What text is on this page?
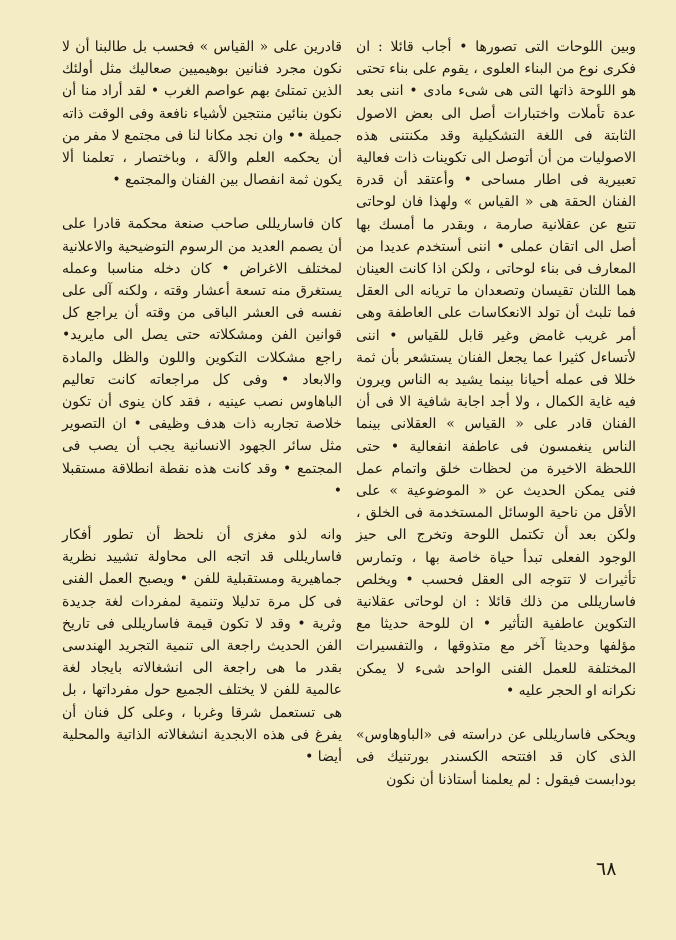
وبين اللوحات التى تصورها • أجاب قائلا : ان فكرى نوع من البناء العلوى ، يقوم على بناء تحتى هو اللوحة ذاتها التى هى شىء مادى • اننى بعد عدة تأملات واختبارات أصل الى بعض الاصول الثابتة فى اللغة التشكيلية وقد مكنتنى هذه الاصوليات من أن أتوصل الى تكوينات ذات فعالية تعبيرية فى اطار مساحى • وأعتقد أن قدرة الفنان الحقة هى « القياس » ولهذا فان لوحاتى تتبع عن عقلانية صارمة ، وبقدر ما أمسك بها أصل الى اتقان عملى • اننى أستخدم عديدا من المعارف فى بناء لوحاتى ، ولكن اذا كانت العينان هما اللتان تقيسان وتصعدان ما تريانه الى العقل فما تلبث أن تولد الانعكاسات على العاطفة وهى أمر غريب غامض وغير قابل للقياس • اننى لأتساءل كثيرا عما يجعل الفنان يستشعر بأن ثمة خللا فى عمله أحيانا بينما يشيد به الناس ويرون فيه غاية الكمال ، ولا أجد اجابة شافية الا فى أن الفنان قادر على « القياس » العقلانى بينما الناس ينغمسون فى عاطفة انفعالية • حتى اللحظة الاخيرة من لحظات خلق واتمام عمل فنى يمكن الحديث عن « الموضوعية » على الأقل من ناحية الوسائل المستخدمة فى الخلق ، ولكن بعد أن تكتمل اللوحة وتخرج الى حيز الوجود الفعلى تبدأ حياة خاصة بها ، وتمارس تأثيرات لا تتوجه الى العقل فحسب • ويخلص فاساريللى من ذلك قائلا : ان لوحاتى عقلانية التكوين عاطفية التأثير • ان للوحة حديثا مع مؤلفها وحديثا آخر مع متذوقها ، والتفسيرات المختلفة للعمل الفنى الواحد شىء لا يمكن نكرانه او الحجر عليه •

ويحكى فاساريللى عن دراسته فى «الباوهاوس» الذى كان قد افتتحه الكسندر بورتنيك فى بودابست فيقول : لم يعلمنا أستاذنا أن نكون

قادرين على « القياس » فحسب بل طالبنا أن لا نكون مجرد فنانين بوهيميين صعاليك مثل أولئك الذين تمتلئ بهم عواصم الغرب • لقد أراد منا أن نكون بنائين منتجين لأشياء نافعة وفى الوقت ذاته جميلة •• وان نجد مكانا لنا فى مجتمع لا مفر من أن يحكمه العلم والآلة ، وباختصار ، تعلمنا ألا يكون ثمة انفصال بين الفنان والمجتمع •

كان فاساريللى صاحب صنعة محكمة قادرا على أن يصمم العديد من الرسوم التوضيحية والاعلانية لمختلف الاغراض • كان دخله مناسبا وعمله يستغرق منه تسعة أعشار وقته ، ولكنه آلى على نفسه فى العشر الباقى من وقته أن يراجع كل قوانين الفن ومشكلاته حتى يصل الى مايريد• راجع مشكلات التكوين واللون والظل والمادة والابعاد • وفى كل مراجعاته كانت تعاليم الباهاوس نصب عينيه ، فقد كان ينوى أن تكون خلاصة تجاربه ذات هدف وظيفى • ان التصوير مثل سائر الجهود الانسانية يجب أن يصب فى المجتمع • وقد كانت هذه نقطة انطلاقة مستقبلا •

وانه لذو مغزى أن نلحظ أن تطور أفكار فاساريللى قد اتجه الى محاولة تشييد نظرية جماهيرية ومستقبلية للفن • ويصبح العمل الفنى فى كل مرة تدليلا وتنمية لمفردات لغة جديدة وثرية • وقد لا تكون قيمة فاساريللى فى تاريخ الفن الحديث راجعة الى تنمية التجريد الهندسى بقدر ما هى راجعة الى انشغالاته بايجاد لغة عالمية للفن لا يختلف الجميع حول مفرداتها ، بل هى تستعمل شرقا وغربا ، وعلى كل فنان أن يفرغ فى هذه الابجدية انشغالاته الذاتية والمحلية أيضا •

٦٨
